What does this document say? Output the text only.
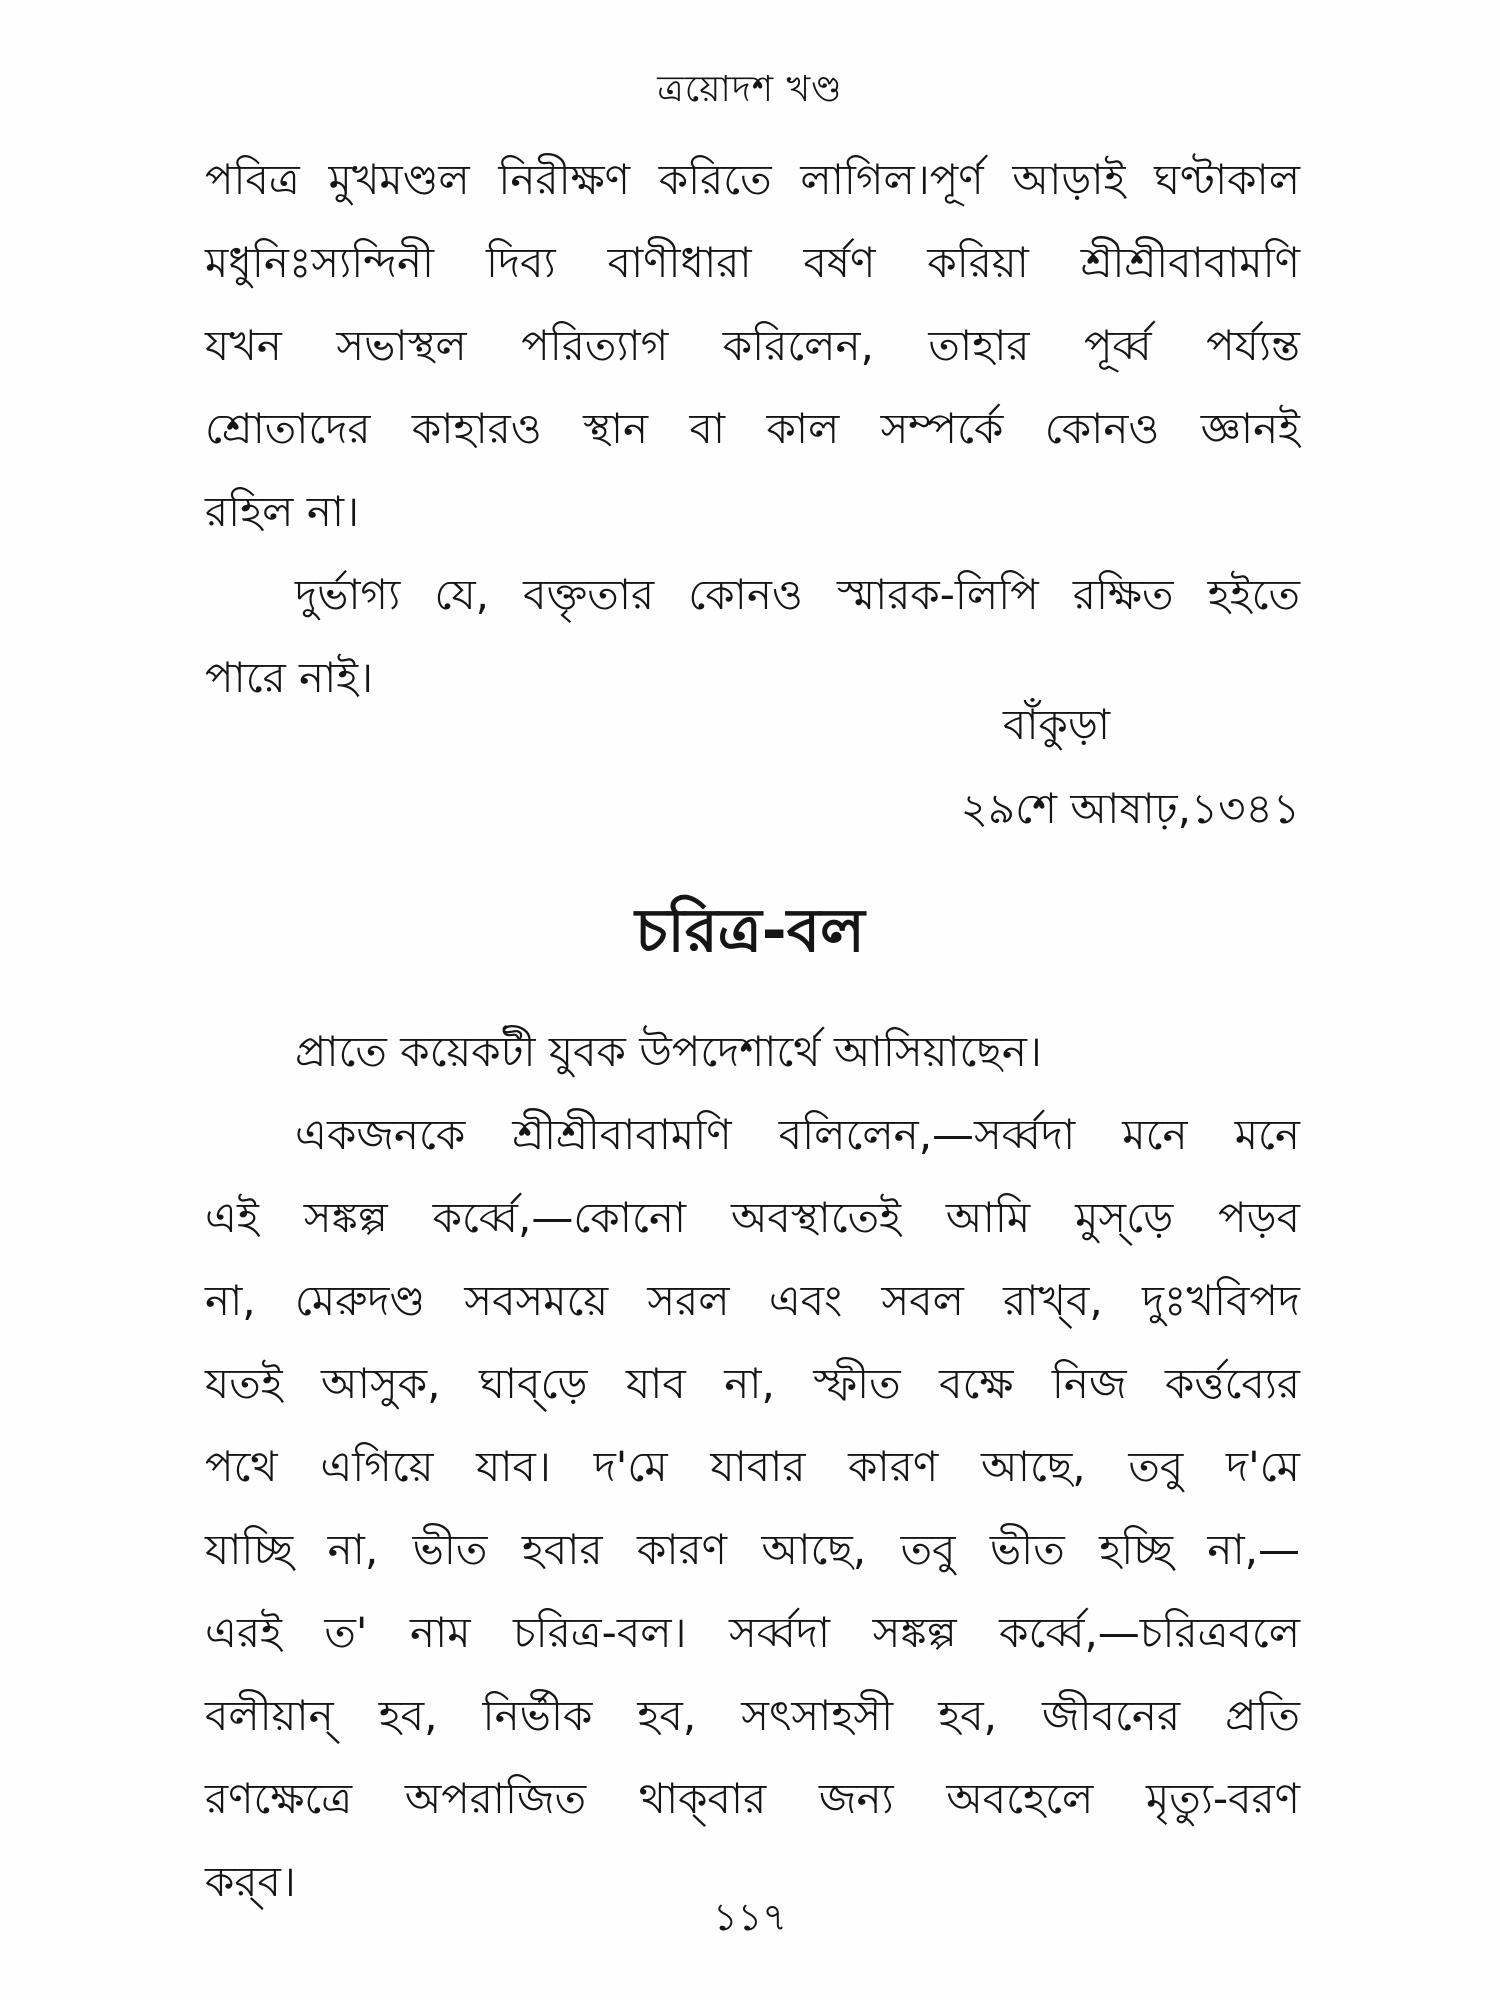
ত্রয়োদশ খণ্ড
পবিত্র মুখমণ্ডল নিরীক্ষণ করিতে লাগিল।পূর্ণ আড়াই ঘণ্টাকাল
মধুনিঃস্যন্দিনী দিব্য বাণীধারা বর্ষণ করিয়া শ্রীশ্রীবাবামণি
যখন সভাস্থল পরিত্যাগ করিলেন, তাহার পূর্ব্ব পর্য্যন্ত
শ্রোতাদের কাহারও স্থান বা কাল সম্পর্কে কোনও জ্ঞানই
রহিল না।
দুর্ভাগ্য যে, বক্তৃতার কোনও স্মারক-লিপি রক্ষিত হইতে
পারে নাই।
বাঁকুড়া
২৯শে আষাঢ়,১৩৪১
চরিত্র-বল
প্রাতে কয়েকটী যুবক উপদেশার্থে আসিয়াছেন।
একজনকে শ্রীশ্রীবাবামণি বলিলেন,—সর্ব্বদা মনে মনে
এই সঙ্কল্প কর্ব্বে,—কোনো অবস্থাতেই আমি মুস্‌ড়ে পড়ব
না, মেরুদণ্ড সবসময়ে সরল এবং সবল রাখ্‌ব, দুঃখবিপদ
যতই আসুক, ঘাব্‌ড়ে যাব না, স্ফীত বক্ষে নিজ কর্ত্তব্যের
পথে এগিয়ে যাব। দ'মে যাবার কারণ আছে, তবু দ'মে
যাচ্ছি না, ভীত হবার কারণ আছে, তবু ভীত হচ্ছি না,—
এরই ত' নাম চরিত্র-বল। সর্ব্বদা সঙ্কল্প কর্ব্বে,—চরিত্রবলে
বলীয়ান্‌ হব, নির্ভীক হব, সৎসাহসী হব, জীবনের প্রতি
রণক্ষেত্রে অপরাজিত থাক্‌বার জন্য অবহেলে মৃত্যু-বরণ
কর্‌ব।
১১৭
